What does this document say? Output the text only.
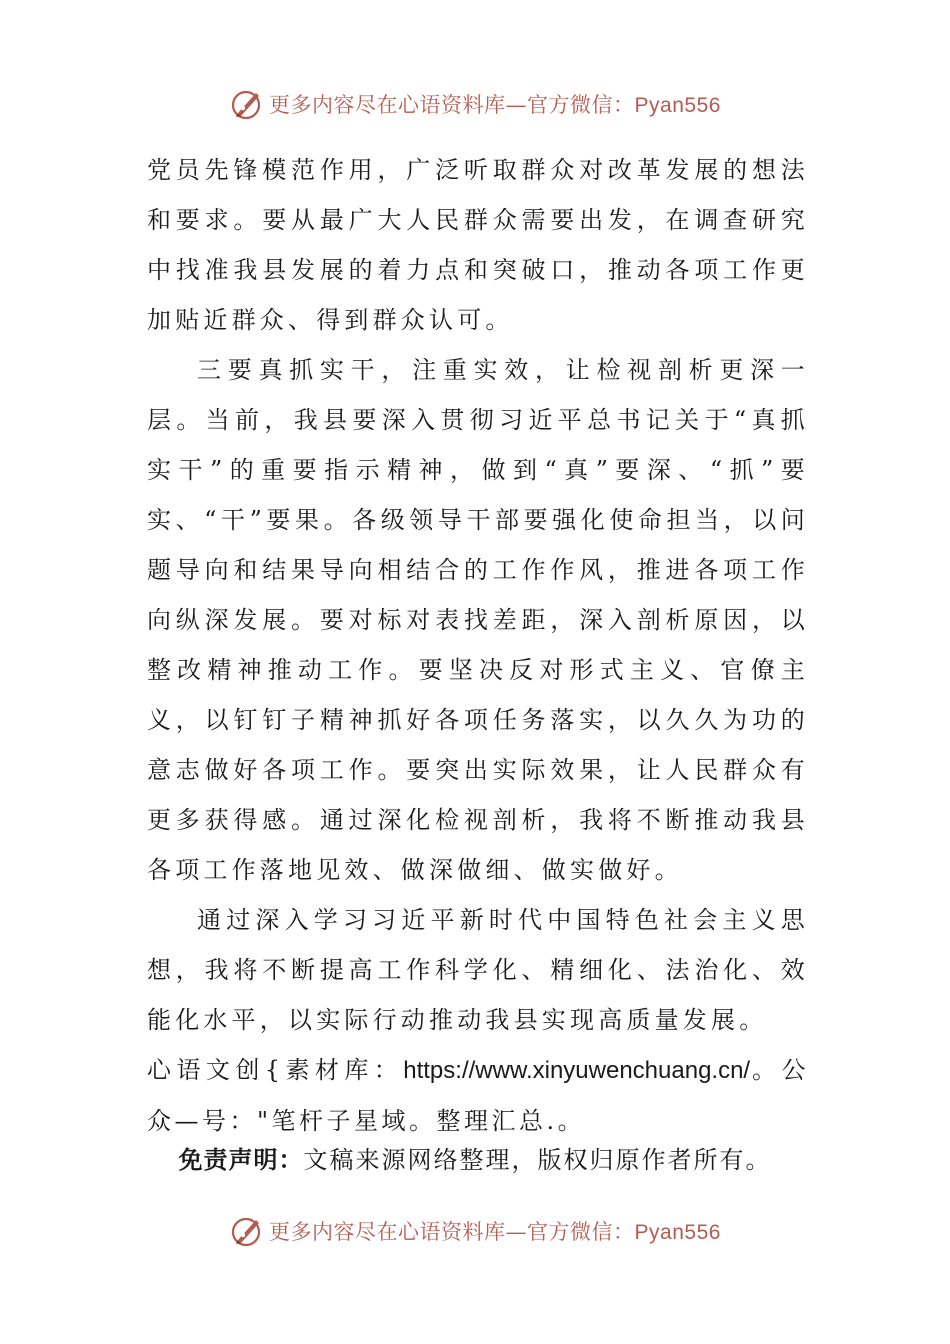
更多内容尽在心语资料库—官方微信：Pyan556

党员先锋模范作用，广泛听取群众对改革发展的想法和要求。要从最广大人民群众需要出发，在调查研究中找准我县发展的着力点和突破口，推动各项工作更加贴近群众、得到群众认可。

三要真抓实干，注重实效，让检视剖析更深一层。当前，我县要深入贯彻习近平总书记关于“真抓实干”的重要指示精神，做到“真”要深、“抓”要实、“干”要果。各级领导干部要强化使命担当，以问题导向和结果导向相结合的工作作风，推进各项工作向纵深发展。要对标对表找差距，深入剖析原因，以整改精神推动工作。要坚决反对形式主义、官僚主义，以钉钉子精神抓好各项任务落实，以久久为功的意志做好各项工作。要突出实际效果，让人民群众有更多获得感。通过深化检视剖析，我将不断推动我县各项工作落地见效、做深做细、做实做好。

通过深入学习习近平新时代中国特色社会主义思想，我将不断提高工作科学化、精细化、法治化、效能化水平，以实际行动推动我县实现高质量发展。

心语文创{素材库：https://www.xinyuwenchuang.cn/。公众—号："笔杆子星域。整理汇总.。

免责声明：文稿来源网络整理，版权归原作者所有。
更多内容尽在心语资料库—官方微信：Pyan556
